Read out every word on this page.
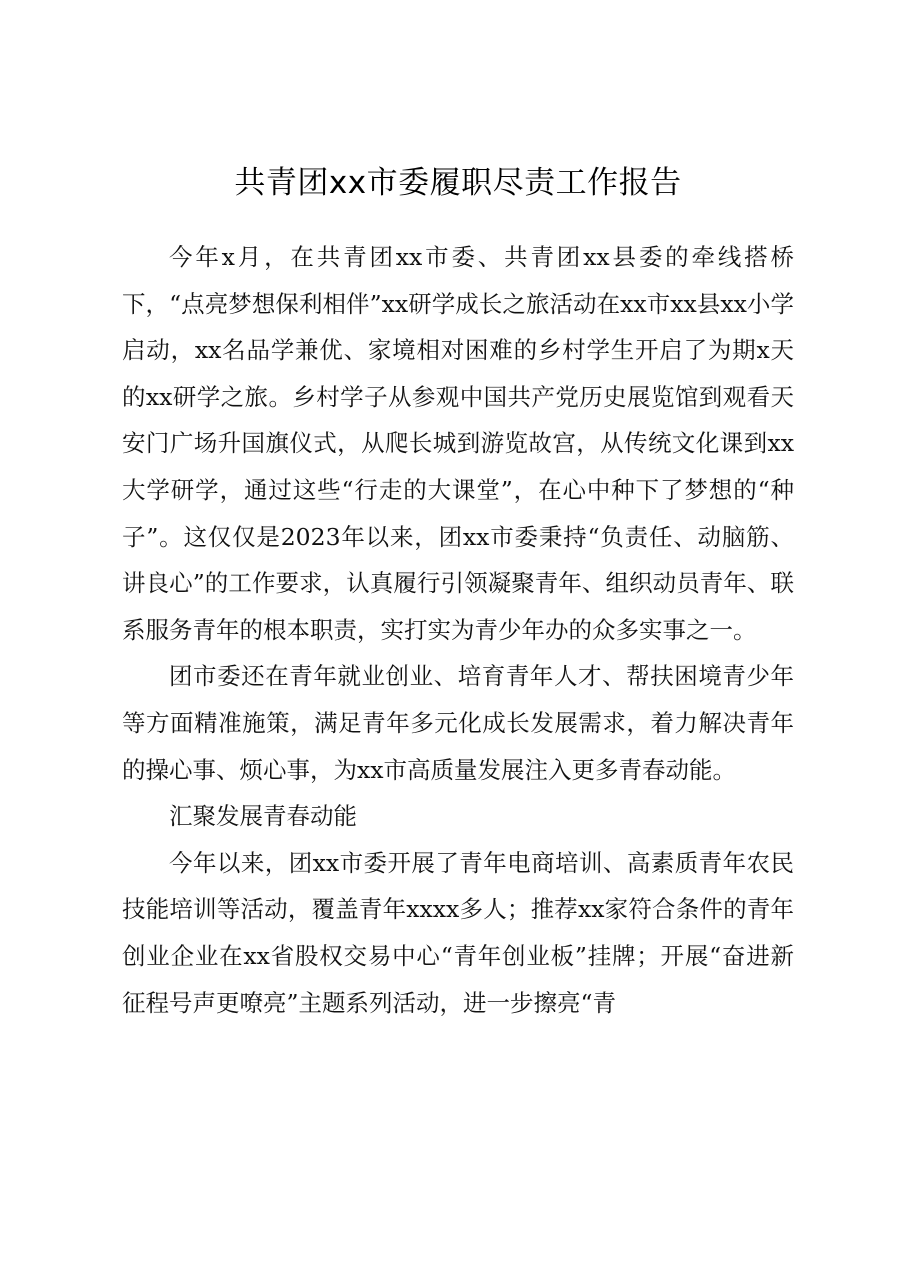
共青团xx市委履职尽责工作报告

今年x月，在共青团xx市委、共青团xx县委的牵线搭桥下，“点亮梦想保利相伴”xx研学成长之旅活动在xx市xx县xx小学启动，xx名品学兼优、家境相对困难的乡村学生开启了为期x天的xx研学之旅。乡村学子从参观中国共产党历史展览馆到观看天安门广场升国旗仪式，从爬长城到游览故宫，从传统文化课到xx大学研学，通过这些“行走的大课堂”，在心中种下了梦想的“种子”。这仅仅是2023年以来，团xx市委秉持“负责任、动脑筋、讲良心”的工作要求，认真履行引领凝聚青年、组织动员青年、联系服务青年的根本职责，实打实为青少年办的众多实事之一。

团市委还在青年就业创业、培育青年人才、帮扶困境青少年等方面精准施策，满足青年多元化成长发展需求，着力解决青年的操心事、烦心事，为xx市高质量发展注入更多青春动能。

汇聚发展青春动能

今年以来，团xx市委开展了青年电商培训、高素质青年农民技能培训等活动，覆盖青年xxxx多人；推荐xx家符合条件的青年创业企业在xx省股权交易中心“青年创业板”挂牌；开展“奋进新征程号声更嘹亮”主题系列活动，进一步擦亮“青
